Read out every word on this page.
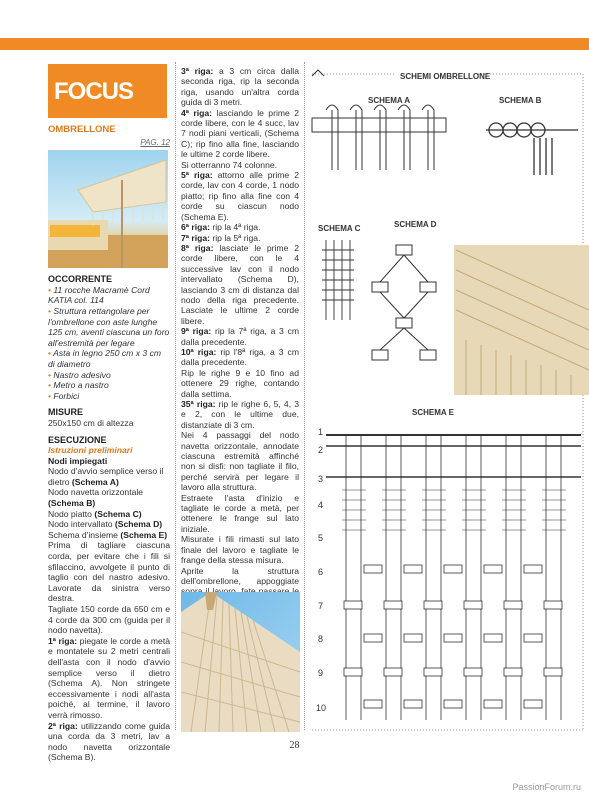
FOCUS
OMBRELLONE
PAG. 12
OCCORRENTE
• 11 rocche Macramè Cord KATIA col. 114
• Struttura rettangolare per l'ombrellone con aste lunghe 125 cm, aventi ciascuna un foro all'estremità per legare
• Asta in legno 250 cm x 3 cm di diametro
• Nastro adesivo
• Metro a nastro
• Forbici
MISURE
250x150 cm di altezza
ESECUZIONE
Istruzioni preliminari
Nodi impiegati
Nodo d'avvio semplice verso il dietro (Schema A)
Nodo navetta orizzontale (Schema B)
Nodo piatto (Schema C)
Nodo intervallato (Schema D)
Schema d'insieme (Schema E)
Prima di tagliare ciascuna corda, per evitare che i fili si sfilaccino, avvolgete il punto di taglio con del nastro adesivo. Lavorate da sinistra verso destra.
Tagliate 150 corde da 650 cm e 4 corde da 300 cm (guida per il nodo navetta).
1ª riga: piegate le corde a metà e montatele su 2 metri centrali dell'asta con il nodo d'avvio semplice verso il dietro (Schema A). Non stringete eccessivamente i nodi all'asta poiché, al termine, il lavoro verrà rimosso.
2ª riga: utilizzando come guida una corda da 3 metri, lav a nodo navetta orizzontale (Schema B).
3ª riga: a 3 cm circa dalla seconda riga, rip la seconda riga, usando un'altra corda guida di 3 metri.
4ª riga: lasciando le prime 2 corde libere, con le 4 succ, lav 7 nodi piani verticali, (Schema C); rip fino alla fine, lasciando le ultime 2 corde libere.
Si otterranno 74 colonne.
5ª riga: attorno alle prime 2 corde, lav con 4 corde, 1 nodo piatto; rip fino alla fine con 4 corde su ciascun nodo (Schema E).
6ª riga: rip la 4ª riga.
7ª riga: rip la 5ª riga.
8ª riga: lasciate le prime 2 corde libere, con le 4 successive lav con il nodo intervallato (Schema D), lasciando 3 cm di distanza dal nodo della riga precedente. Lasciate le ultime 2 corde libere.
9ª riga: rip la 7ª riga, a 3 cm dalla precedente.
10ª riga: rip l'8ª riga, a 3 cm dalla precedente.
Rip le righe 9 e 10 fino ad ottenere 29 righe, contando dalla settima.
35ª riga: rip le righe 6, 5, 4, 3 e 2, con le ultime due, distanziate di 3 cm.
Nei 4 passaggi del nodo navetta orizzontale, annodate ciascuna estremità affinché non si disfi: non tagliate il filo, perché servirà per legare il lavoro alla struttura.
Estraete l'asta d'inizio e tagliate le corde a metà, per ottenere le frange sul lato iniziale.
Misurate i fili rimasti sul lato finale del lavoro e tagliate le frange della stessa misura.
Aprite la struttura dell'ombrellone, appoggiate
SCHEMI OMBRELLONE
SCHEMA A	SCHEMA B
SCHEMA C	SCHEMA D
SCHEMA E
1
2
3
4
5
6
7
8
9
10
28
PassionForum.ru
